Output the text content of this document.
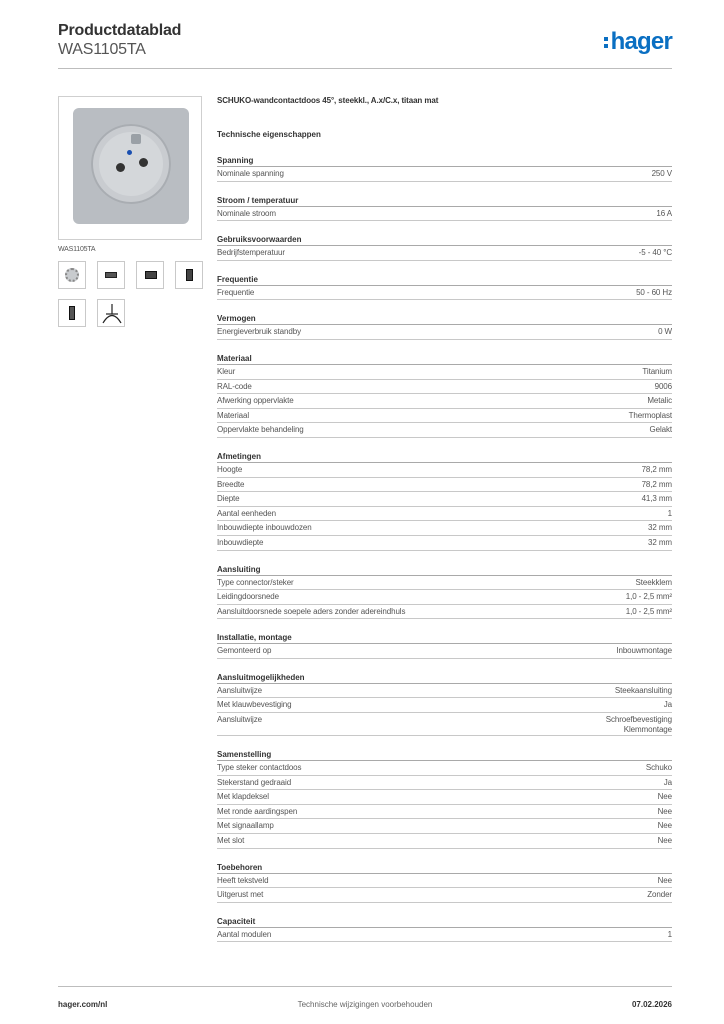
Productdatablad
WAS1105TA	hager
WAS1105TA
SCHUKO-wandcontactdoos 45°, steekkl., A.x/C.x, titaan mat
Technische eigenschappen
Spanning
Nominale spanning	250 V
Stroom / temperatuur
Nominale stroom	16 A
Gebruiksvoorwaarden
Bedrijfstemperatuur	-5 - 40 °C
Frequentie
Frequentie	50 - 60 Hz
Vermogen
Energieverbruik standby	0 W
Materiaal
Kleur	Titanium
RAL-code	9006
Afwerking oppervlakte	Metalic
Materiaal	Thermoplast
Oppervlakte behandeling	Gelakt
Afmetingen
Hoogte	78,2 mm
Breedte	78,2 mm
Diepte	41,3 mm
Aantal eenheden	1
Inbouwdiepte inbouwdozen	32 mm
Inbouwdiepte	32 mm
Aansluiting
Type connector/steker	Steekklem
Leidingdoorsnede	1,0 - 2,5 mm²
Aansluitdoorsnede soepele aders zonder adereindhuls	1,0 - 2,5 mm²
Installatie, montage
Gemonteerd op	Inbouwmontage
Aansluitmogelijkheden
Aansluitwijze	Steekaansluiting
Met klauwbevestiging	Ja
Aansluitwijze	Schroefbevestiging
Klemmontage
Samenstelling
Type steker contactdoos	Schuko
Stekerstand gedraaid	Ja
Met klapdeksel	Nee
Met ronde aardingspen	Nee
Met signaallamp	Nee
Met slot	Nee
Toebehoren
Heeft tekstveld	Nee
Uitgerust met	Zonder
Capaciteit
Aantal modulen	1
hager.com/nl	Technische wijzigingen voorbehouden	07.02.2026
